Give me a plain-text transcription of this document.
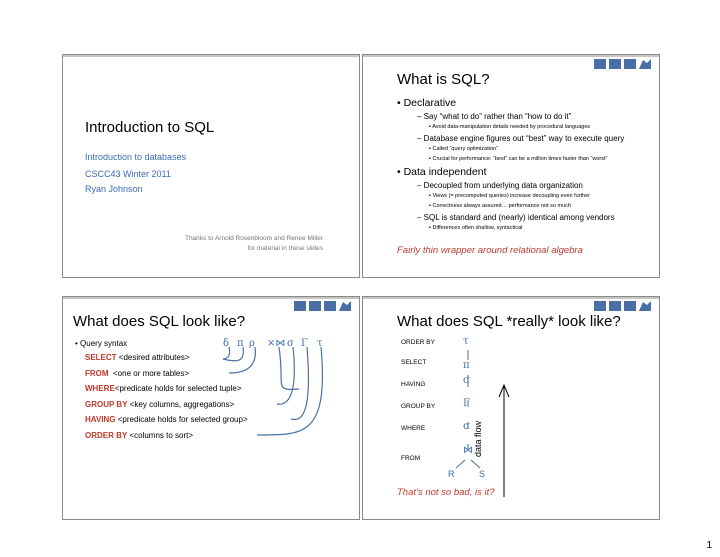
Introduction to SQL
Introduction to databases
CSCC43 Winter 2011
Ryan Johnson
Thanks to Arnold Rosenbloom and Renee Miller
for material in these slides
What is SQL?
• Declarative
– Say “what to do” rather than “how to do it”
▪ Avoid data-manipulation details needed by procedural languages
– Database engine figures out “best” way to execute query
▪ Called “query optimization”
▪ Crucial for performance: “best” can be a million times faster than “worst”
• Data independent
– Decoupled from underlying data organization
▪ Views (= precomputed queries) increase decoupling even further
▪ Correctness always assured… performance not so much
– SQL is standard and (nearly) identical among vendors
▪ Differences often shallow, syntactical
Fairly thin wrapper around relational algebra
What does SQL look like?
• Query syntax	δ π ρ ×⋈ σ Γ τ
SELECT <desired attributes>
FROM  <one or more tables>
WHERE<predicate holds for selected tuple>
GROUP BY <key columns, aggregations>
HAVING <predicate holds for selected group>
ORDER BY <columns to sort>
What does SQL *really* look like?
ORDER BY
SELECT
HAVING
GROUP BY
WHERE
FROM
τ
π
σ
Γ
σ
⋈
R	S
data flow
That’s not so bad, is it?
1
